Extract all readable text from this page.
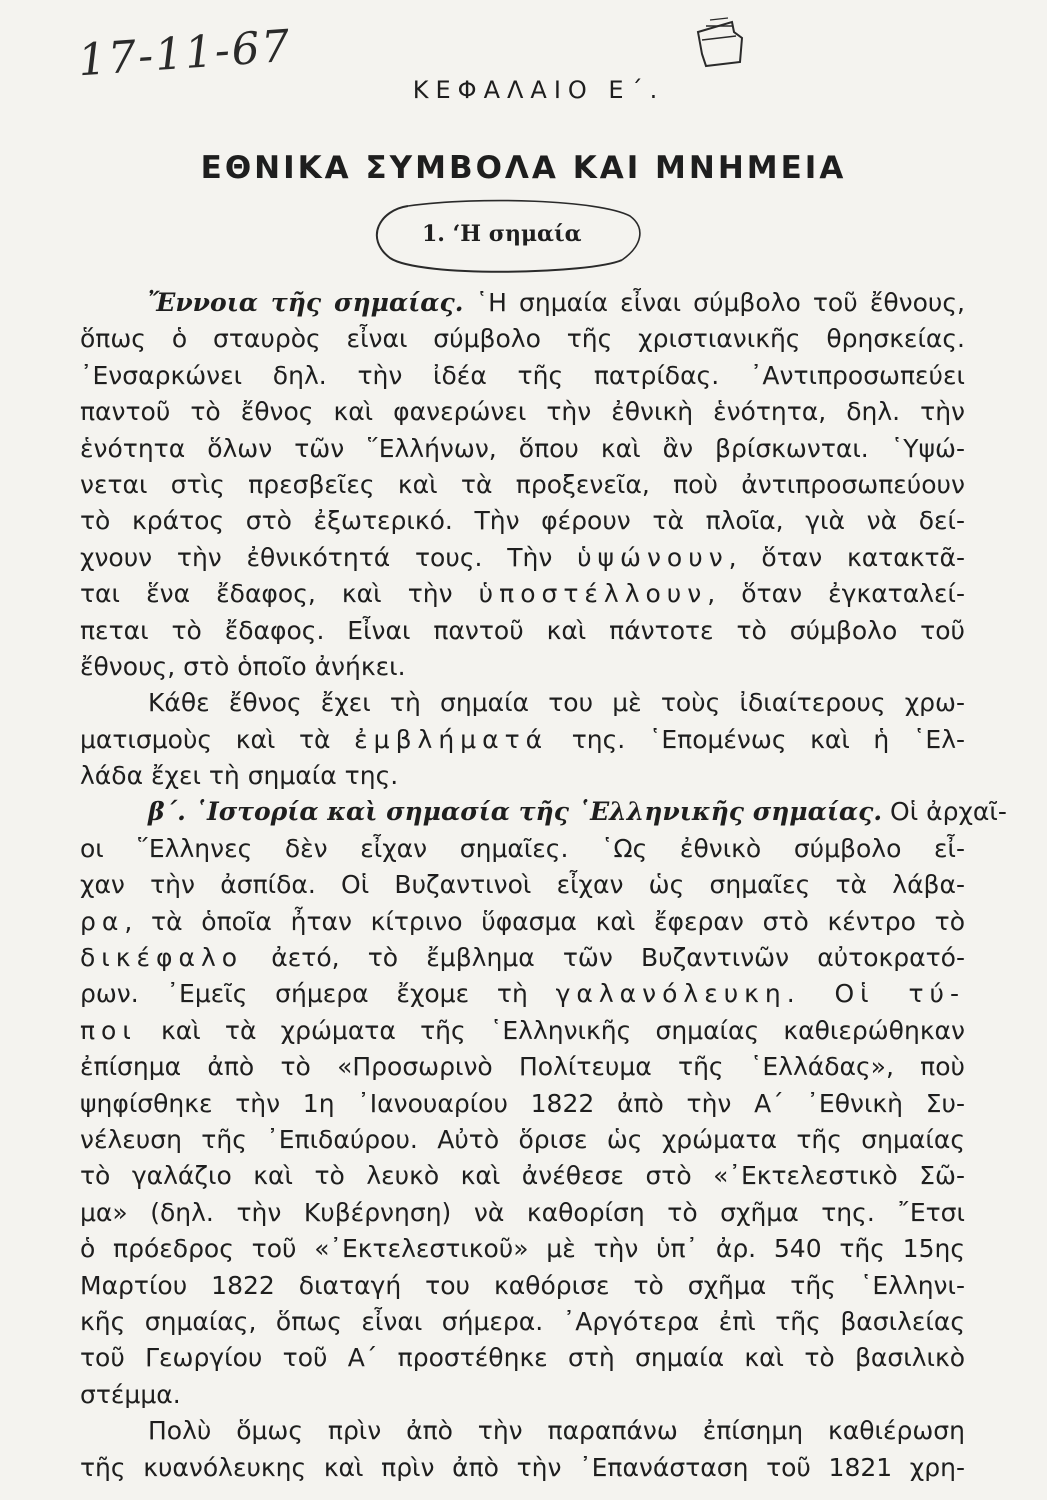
17-11-67
ΚΕΦΑΛΑΙΟ Ε΄.
ΕΘΝΙΚΑ ΣΥΜΒΟΛΑ ΚΑΙ ΜΝΗΜΕΙΑ
1. ‘Η σημαία
Ἔννοια τῆς σημαίας. ῾Η σημαία εἶναι σύμβολο τοῦ ἔθνους,
ὅπως ὁ σταυρὸς εἶναι σύμβολο τῆς χριστιανικῆς θρησκείας.
᾽Ενσαρκώνει δηλ. τὴν ἰδέα τῆς πατρίδας. ᾽Αντιπροσωπεύει
παντοῦ τὸ ἔθνος καὶ φανερώνει τὴν ἐθνικὴ ἑνότητα, δηλ. τὴν
ἑνότητα ὅλων τῶν ῞Ελλήνων, ὅπου καὶ ἂν βρίσκωνται. ῾Υψώ-
νεται στὶς πρεσβεῖες καὶ τὰ προξενεῖα, ποὺ ἀντιπροσωπεύουν
τὸ κράτος στὸ ἐξωτερικό. Τὴν φέρουν τὰ πλοῖα, γιὰ νὰ δεί-
χνουν τὴν ἐθνικότητά τους. Τὴν ὑψώνουν, ὅταν κατακτᾶ-
ται ἕνα ἔδαφος, καὶ τὴν ὑποστέλλουν, ὅταν ἐγκαταλεί-
πεται τὸ ἔδαφος. Εἶναι παντοῦ καὶ πάντοτε τὸ σύμβολο τοῦ
ἔθνους, στὸ ὁποῖο ἀνήκει.
Κάθε ἔθνος ἔχει τὴ σημαία του μὲ τοὺς ἰδιαίτερους χρω-
ματισμοὺς καὶ τὰ ἐμβλήματά της. ῾Επομένως καὶ ἡ ῾Ελ-
λάδα ἔχει τὴ σημαία της.
β΄. ῾Ιστορία καὶ σημασία τῆς ῾Ελληνικῆς σημαίας. Οἱ ἀρχαῖ-
οι ῞Ελληνες δὲν εἶχαν σημαῖες. ῾Ως ἐθνικὸ σύμβολο εἶ-
χαν τὴν ἀσπίδα. Οἱ Βυζαντινοὶ εἶχαν ὡς σημαῖες τὰ λάβα-
ρα, τὰ ὁποῖα ἦταν κίτρινο ὕφασμα καὶ ἔφεραν στὸ κέντρο τὸ
δικέφαλο ἀετό, τὸ ἔμβλημα τῶν Βυζαντινῶν αὐτοκρατό-
ρων. ᾽Εμεῖς σήμερα ἔχομε τὴ γαλανόλευκη. Οἱ τύ-
ποι καὶ τὰ χρώματα τῆς ῾Ελληνικῆς σημαίας καθιερώθηκαν
ἐπίσημα ἀπὸ τὸ «Προσωρινὸ Πολίτευμα τῆς ῾Ελλάδας», ποὺ
ψηφίσθηκε τὴν 1η ᾽Ιανουαρίου 1822 ἀπὸ τὴν Α΄ ᾽Εθνικὴ Συ-
νέλευση τῆς ᾽Επιδαύρου. Αὐτὸ ὅρισε ὡς χρώματα τῆς σημαίας
τὸ γαλάζιο καὶ τὸ λευκὸ καὶ ἀνέθεσε στὸ «᾽Εκτελεστικὸ Σῶ-
μα» (δηλ. τὴν Κυβέρνηση) νὰ καθορίση τὸ σχῆμα της. ῎Ετσι
ὁ πρόεδρος τοῦ «᾽Εκτελεστικοῦ» μὲ τὴν ὑπ᾽ ἀρ. 540 τῆς 15ης
Μαρτίου 1822 διαταγή του καθόρισε τὸ σχῆμα τῆς ῾Ελληνι-
κῆς σημαίας, ὅπως εἶναι σήμερα. ᾽Αργότερα ἐπὶ τῆς βασιλείας
τοῦ Γεωργίου τοῦ Α΄ προστέθηκε στὴ σημαία καὶ τὸ βασιλικὸ
στέμμα.
Πολὺ ὅμως πρὶν ἀπὸ τὴν παραπάνω ἐπίσημη καθιέρωση
τῆς κυανόλευκης καὶ πρὶν ἀπὸ τὴν ᾽Επανάσταση τοῦ 1821 χρη-
